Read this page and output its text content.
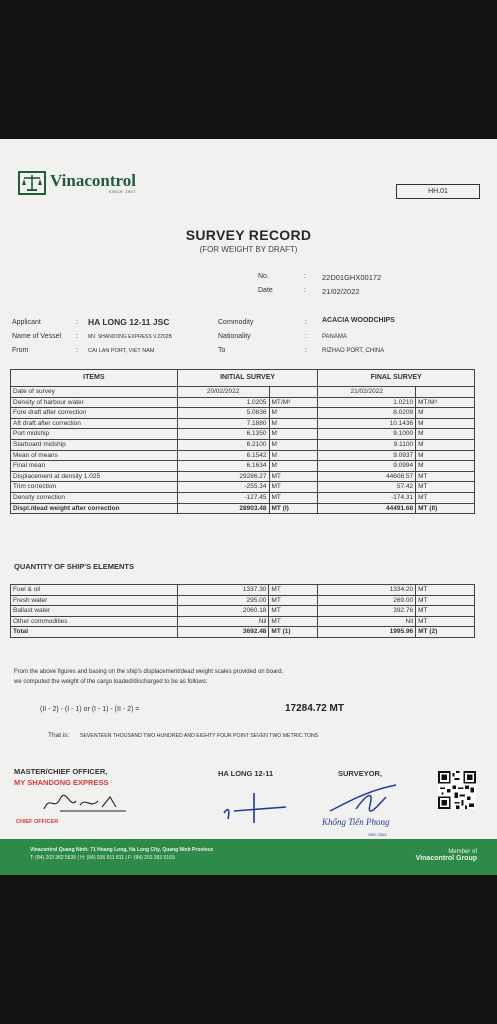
Vinacontrol
SINCE 1957	HH.01
SURVEY RECORD
(FOR WEIGHT BY DRAFT)
No.	: 22D01GHX00172
Date	: 21/02/2022
Applicant	: HA LONG 12-11 JSC
Name of Vessel : MV. SHANDONG EXPRESS V.2202B
From	: CAI LAN PORT, VIET NAM
Commodity	: ACACIA WOODCHIPS
Nationality	:	PANAMA
To	:	RIZHAO PORT, CHINA
ITEMS	INITIAL SURVEY		FINAL SURVEY	
Date of survey	20/02/2022		21/02/2022	
Density of harbour water	1.0205	MT/M³	1.0210	MT/M³
Fore draft after correction	5.0836	M	8.0209	M
Aft draft after correction	7.1880	M	10.1436	M
Port midship	6.1350	M	9.1000	M
Starboard midship	6.2100	M	9.1100	M
Mean of means	6.1542	M	9.0937	M
Final mean	6.1634	M	9.0994	M
Displacement at density 1.025	29286.27	MT	44608.57	MT
Trim correction	-255.34	MT	57.42	MT
Density correction	-127.45	MT	-174.31	MT
Displ./dead weight after correction	28903.48	MT (I)	44491.68	MT (II)
QUANTITY OF SHIP'S ELEMENTS
Fuel & oil	1337.30	MT	1334.20	MT
Fresh water	295.00	MT	269.00	MT
Ballast water	2060.18	MT	392.76	MT
Other commodities	Nil	MT	Nil	MT
Total	3692.48	MT (1)	1995.96	MT (2)
From the above figures and basing on the ship's displacement/dead weight scales provided on board,
we computed the weight of the cargo loaded/discharged to be as follows:
(II - 2) - (I - 1) or (I - 1) - (II - 2) =	17284.72 MT
That is: SEVENTEEN THOUSAND TWO HUNDRED AND EIGHTY FOUR POINT SEVEN TWO METRIC TONS
MASTER/CHIEF OFFICER,
MY SHANDONG EXPRESS
CHIEF OFFICER
HA LONG 12-11	SURVEYOR,
Khổng Tiến Phong
VNC 0303
Vinacontrol Quang Ninh: 71 Hoang Long, Ha Long City, Quang Ninh Province
T: (84) 203 382 5635 | H: (84) 936 911 811 | F: (84) 203 383 6169
Member of
Vinacontrol Group
